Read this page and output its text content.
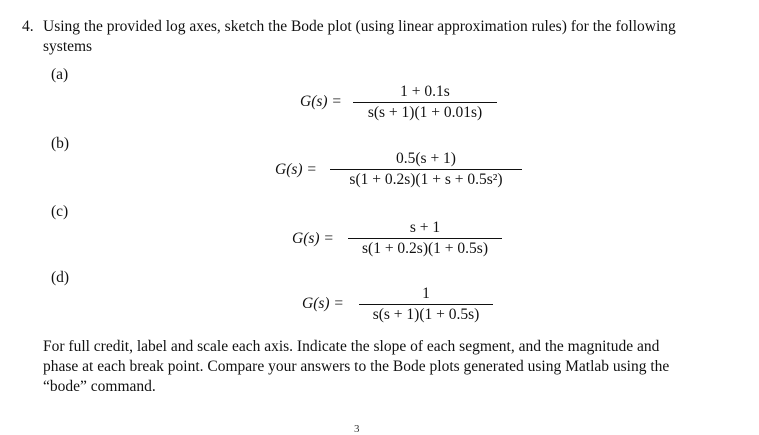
4. Using the provided log axes, sketch the Bode plot (using linear approximation rules) for the following
systems
(a)
G(s) =
1 + 0.1s
s(s + 1)(1 + 0.01s)
(b)
G(s) =
0.5(s + 1)
s(1 + 0.2s)(1 + s + 0.5s²)
(c)
G(s) =
s + 1
s(1 + 0.2s)(1 + 0.5s)
(d)
G(s) =
1
s(s + 1)(1 + 0.5s)
For full credit, label and scale each axis. Indicate the slope of each segment, and the magnitude and
phase at each break point. Compare your answers to the Bode plots generated using Matlab using the
“bode” command.
3
